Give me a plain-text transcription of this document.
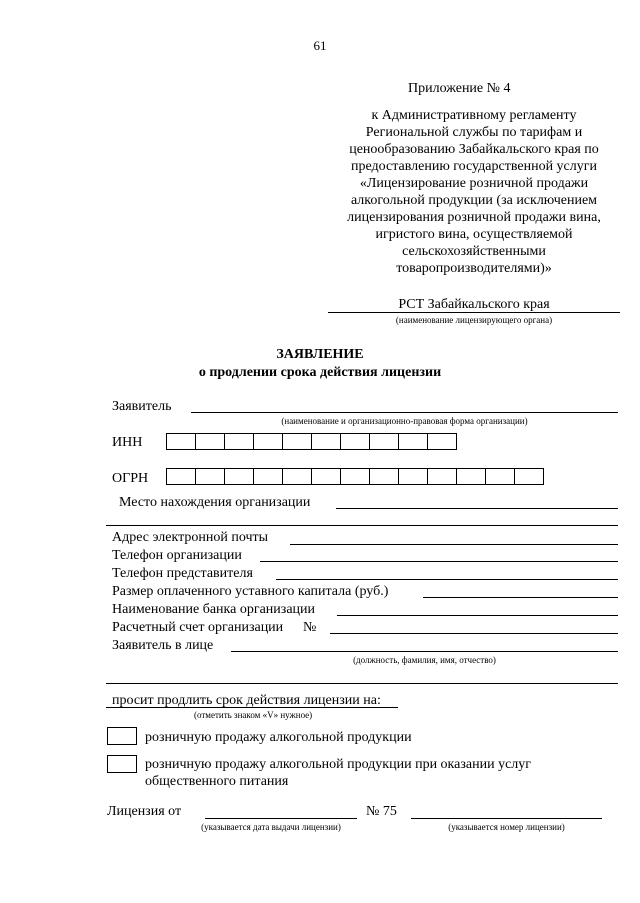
61
Приложение № 4
к Административному регламенту
Региональной службы по тарифам и
ценообразованию Забайкальского края по
предоставлению государственной услуги
«Лицензирование розничной продажи
алкогольной продукции (за исключением
лицензирования розничной продажи вина,
игристого вина, осуществляемой
сельскохозяйственными
товаропроизводителями)»
РСТ Забайкальского края
(наименование лицензирующего органа)
ЗАЯВЛЕНИЕ
о продлении срока действия лицензии
Заявитель
(наименование и организационно-правовая форма организации)
ИНН
ОГРН
Место нахождения организации
Адрес электронной почты
Телефон организации
Телефон представителя
Размер оплаченного уставного капитала (руб.)
Наименование банка организации
Расчетный счет организации №
Заявитель в лице
(должность, фамилия, имя, отчество)
просит продлить срок действия лицензии на:
(отметить знаком «V» нужное)
розничную продажу алкогольной продукции
розничную продажу алкогольной продукции при оказании услуг
общественного питания
Лицензия от
(указывается дата выдачи лицензии)
№ 75
(указывается номер лицензии)
